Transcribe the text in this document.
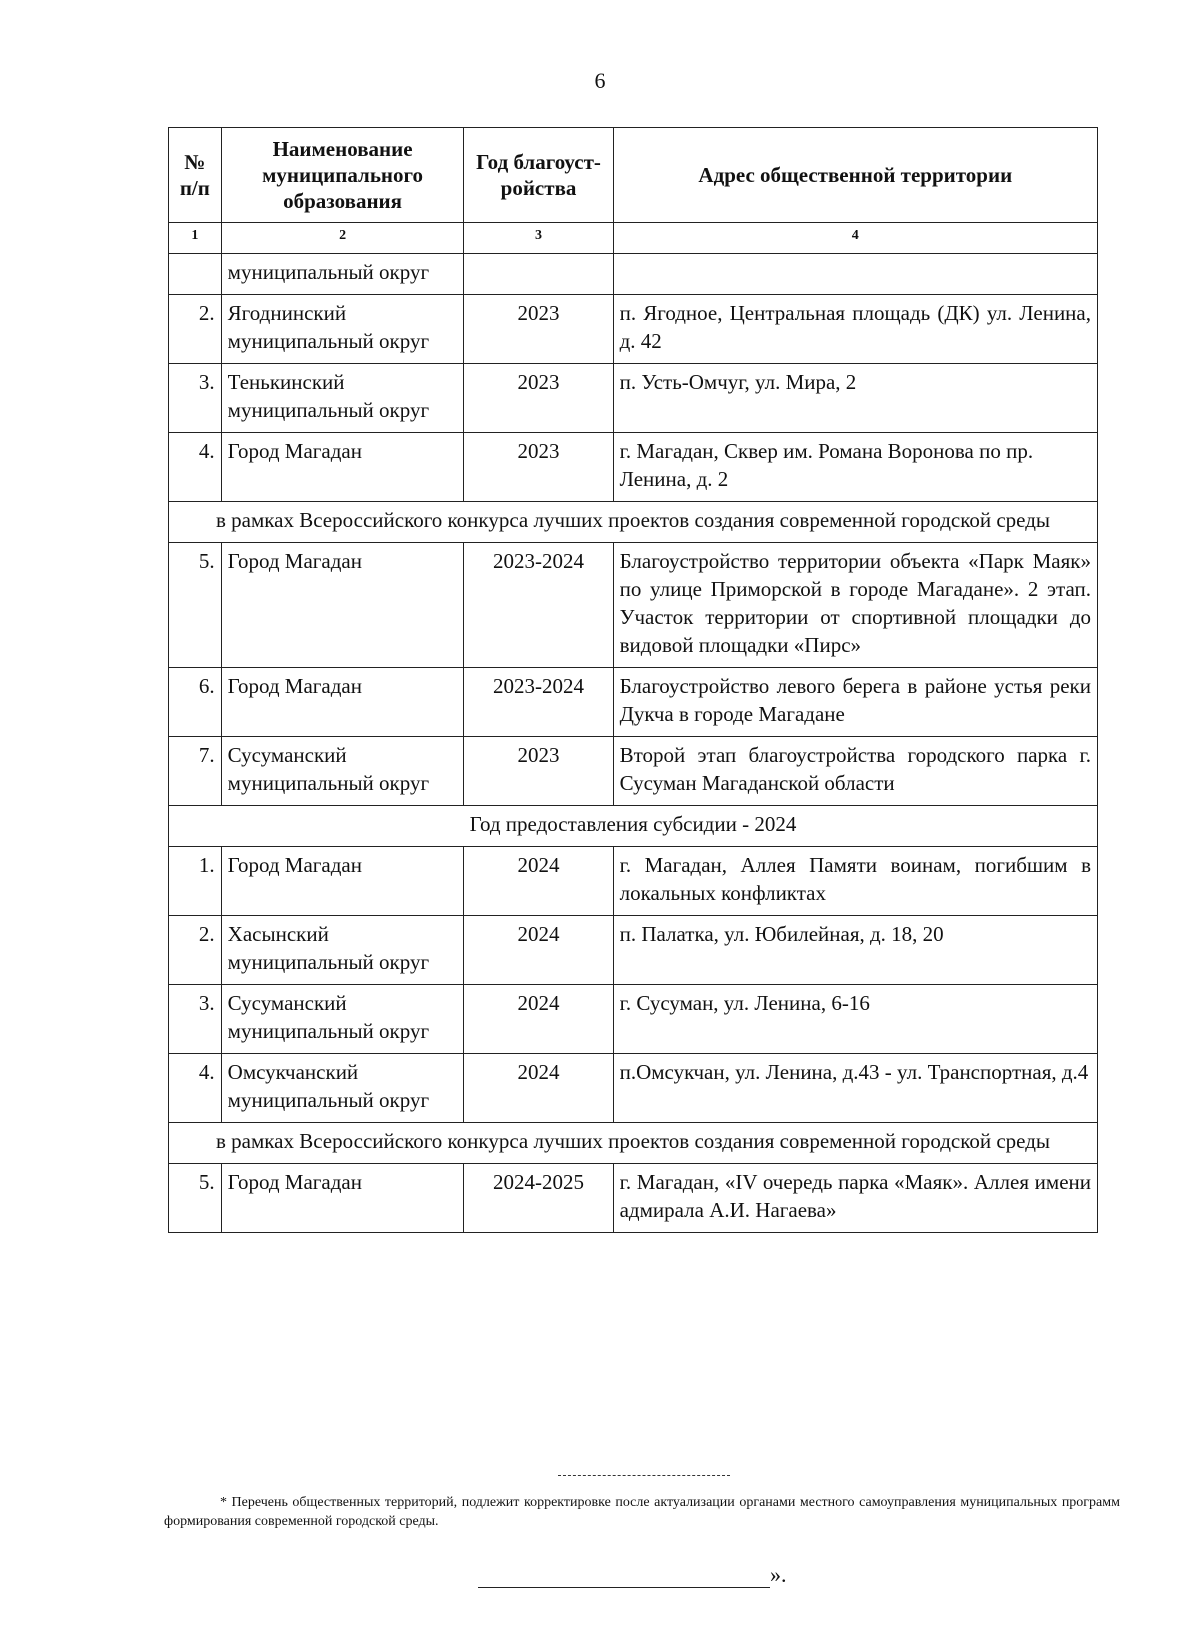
6
№ п/п	Наименование муниципального образования	Год благоуст-ройства	Адрес общественной территории
1	2	3	4
	муниципальный округ		
2.	Ягоднинский муниципальный округ	2023	п. Ягодное, Центральная площадь (ДК) ул. Ленина, д. 42
3.	Тенькинский муниципальный округ	2023	п. Усть-Омчуг, ул. Мира, 2
4.	Город Магадан	2023	г. Магадан, Сквер им. Романа Воронова по пр. Ленина, д. 2
в рамках Всероссийского конкурса лучших проектов создания современной городской среды			
5.	Город Магадан	2023-2024	Благоустройство территории объекта «Парк Маяк» по улице Приморской в городе Магадане». 2 этап. Участок территории от спортивной площадки до видовой площадки «Пирс»
6.	Город Магадан	2023-2024	Благоустройство левого берега в районе устья реки Дукча в городе Магадане
7.	Сусуманский муниципальный округ	2023	Второй этап благоустройства городского парка г. Сусуман Магаданской области
Год предоставления субсидии - 2024			
1.	Город Магадан	2024	г. Магадан, Аллея Памяти воинам, погибшим в локальных конфликтах
2.	Хасынский муниципальный округ	2024	п. Палатка, ул. Юбилейная, д. 18, 20
3.	Сусуманский муниципальный округ	2024	г. Сусуман, ул. Ленина, 6-16
4.	Омсукчанский муниципальный округ	2024	п.Омсукчан, ул. Ленина, д.43 - ул. Транспортная, д.4
в рамках Всероссийского конкурса лучших проектов создания современной городской среды			
5.	Город Магадан	2024-2025	г. Магадан, «IV очередь парка «Маяк». Аллея имени адмирала А.И. Нагаева»
* Перечень общественных территорий, подлежит корректировке после актуализации органами местного самоуправления муниципальных программ формирования современной городской среды.
».
